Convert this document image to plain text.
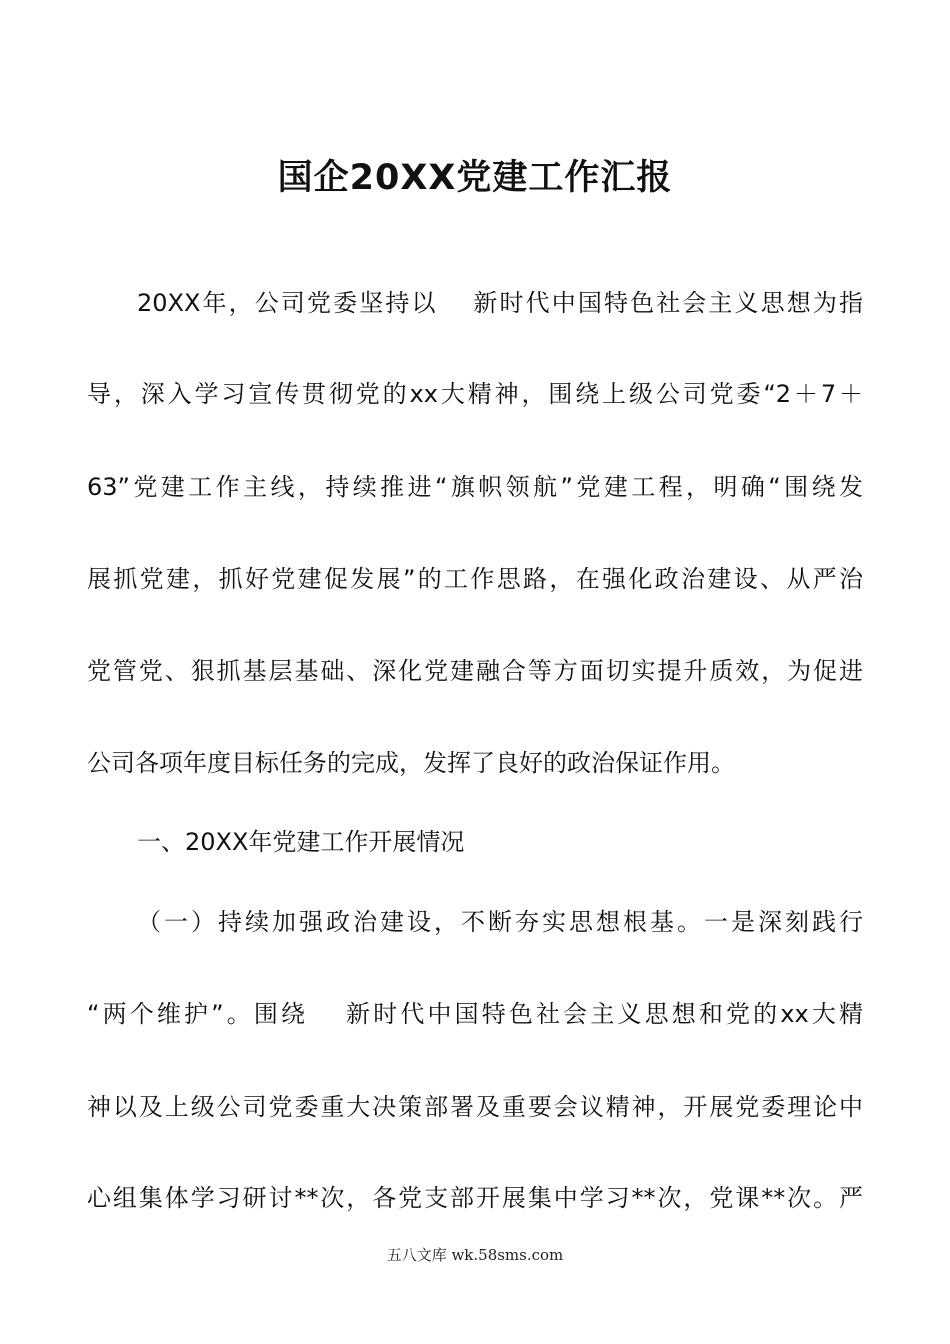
国企20XX党建工作汇报
20XX年，公司党委坚持以　 新时代中国特色社会主义思想为指
导，深入学习宣传贯彻党的xx大精神，围绕上级公司党委“2＋7＋
63”党建工作主线，持续推进“旗帜领航”党建工程，明确“围绕发
展抓党建，抓好党建促发展”的工作思路，在强化政治建设、从严治
党管党、狠抓基层基础、深化党建融合等方面切实提升质效，为促进
公司各项年度目标任务的完成，发挥了良好的政治保证作用。
一、20XX年党建工作开展情况
（一）持续加强政治建设，不断夯实思想根基。一是深刻践行
“两个维护”。围绕　 新时代中国特色社会主义思想和党的xx大精
神以及上级公司党委重大决策部署及重要会议精神，开展党委理论中
心组集体学习研讨**次，各党支部开展集中学习**次，党课**次。严
五八文库 wk.58sms.com
